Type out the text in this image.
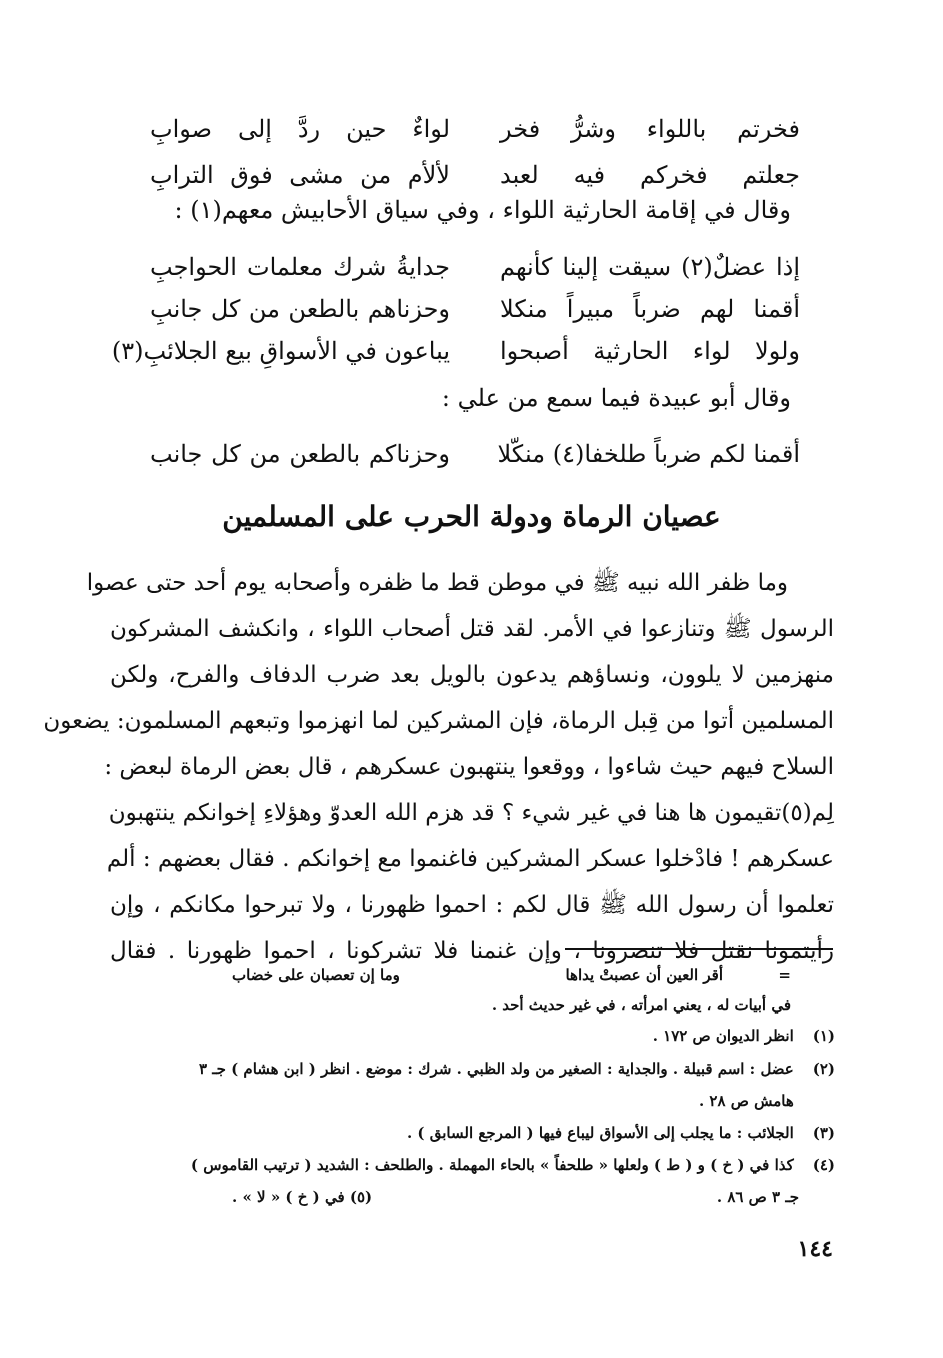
فخرتم باللواء وشرُّ فخر
لواءٌ حين ردَّ إلى صوابِ
جعلتم فخركم فيه لعبد
لألأم من مشى فوق الترابِ
وقال في إقامة الحارثية اللواء ، وفي سياق الأحابيش معهم(١) :
إذا عضلٌ(٢) سيقت إلينا كأنهم
جدايةُ شرك معلمات الحواجبِ
أقمنا لهم ضرباً مبيراً منكلا
وحزناهم بالطعن من كل جانبِ
ولولا لواء الحارثية أصبحوا
يباعون في الأسواقِ بيع الجلائبِ(٣)
وقال أبو عبيدة فيما سمع من علي :
أقمنا لكم ضرباً طلخفا(٤) منكّلا
وحزناكم بالطعن من كل جانب
عصيان الرماة ودولة الحرب على المسلمين
وما ظفر الله نبيه ﷺ في موطن قط ما ظفره وأصحابه يوم أحد حتى عصوا
الرسول ﷺ وتنازعوا في الأمر. لقد قتل أصحاب اللواء ، وانكشف المشركون
منهزمين لا يلوون، ونساؤهم يدعون بالويل بعد ضرب الدفاف والفرح، ولكن
المسلمين أتوا من قِبل الرماة، فإن المشركين لما انهزموا وتبعهم المسلمون: يضعون
السلاح فيهم حيث شاءوا ، ووقعوا ينتهبون عسكرهم ، قال بعض الرماة لبعض :
لِم(٥)تقيمون ها هنا في غير شيء ؟ قد هزم الله العدوّ وهؤلاءِ إخوانكم ينتهبون
عسكرهم ! فادْخلوا عسكر المشركين فاغنموا مع إخوانكم . فقال بعضهم : ألم
تعلموا أن رسول الله ﷺ قال لكم : احموا ظهورنا ، ولا تبرحوا مكانكم ، وإن
رأيتمونا نقتل فلا تنصرونا ، وإن غنمنا فلا تشركونا ، احموا ظهورنا . فقال
=
أقر العين أن عصبتْ يداها
وما إن تعصبان على خضاب
في أبيات له ، يعني امرأته ، في غير حديث أحد .
(١) انظر الديوان ص ١٧٢ .
(٢) عضل : اسم قبيلة . والجداية : الصغير من ولد الظبي . شرك : موضع . انظر ( ابن هشام ) جـ ٣
هامش ص ٢٨ .
(٣) الجلائب : ما يجلب إلى الأسواق ليباع فيها ( المرجع السابق ) .
(٤) كذا في ( خ ) و ( ط ) ولعلها « طلحفاً » بالحاء المهملة . والطلحف : الشديد ( ترتيب القاموس )
جـ ٣ ص ٨٦ .
(٥) في ( خ ) « لا » .
١٤٤
